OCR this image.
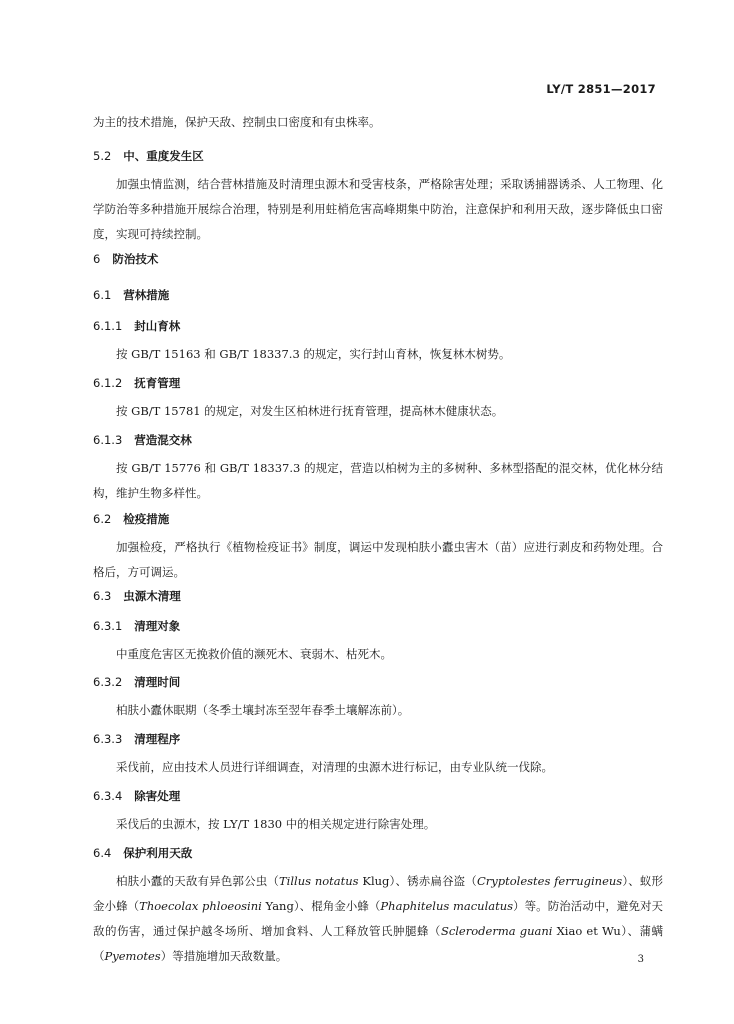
LY/T 2851—2017
为主的技术措施，保护天敌、控制虫口密度和有虫株率。
5.2 中、重度发生区
加强虫情监测，结合营林措施及时清理虫源木和受害枝条，严格除害处理；采取诱捕器诱杀、人工物理、化学防治等多种措施开展综合治理，特别是利用蛀梢危害高峰期集中防治，注意保护和利用天敌，逐步降低虫口密度，实现可持续控制。
6 防治技术
6.1 营林措施
6.1.1 封山育林
按 GB/T 15163 和 GB/T 18337.3 的规定，实行封山育林，恢复林木树势。
6.1.2 抚育管理
按 GB/T 15781 的规定，对发生区柏林进行抚育管理，提高林木健康状态。
6.1.3 营造混交林
按 GB/T 15776 和 GB/T 18337.3 的规定，营造以柏树为主的多树种、多林型搭配的混交林，优化林分结构，维护生物多样性。
6.2 检疫措施
加强检疫，严格执行《植物检疫证书》制度，调运中发现柏肤小蠹虫害木（苗）应进行剥皮和药物处理。合格后，方可调运。
6.3 虫源木清理
6.3.1 清理对象
中重度危害区无挽救价值的濒死木、衰弱木、枯死木。
6.3.2 清理时间
柏肤小蠹休眠期（冬季土壤封冻至翌年春季土壤解冻前）。
6.3.3 清理程序
采伐前，应由技术人员进行详细调查，对清理的虫源木进行标记，由专业队统一伐除。
6.3.4 除害处理
采伐后的虫源木，按 LY/T 1830 中的相关规定进行除害处理。
6.4 保护利用天敌
柏肤小蠹的天敌有异色郭公虫（Tillus notatus Klug）、锈赤扁谷盗（Cryptolestes ferrugineus）、蚁形金小蜂（Thoecolax phloeosini Yang）、棍角金小蜂（Phaphitelus maculatus）等。防治活动中，避免对天敌的伤害，通过保护越冬场所、增加食料、人工释放管氏肿腿蜂（Scleroderma guani Xiao et Wu）、蒲螨（Pyemotes）等措施增加天敌数量。	3
